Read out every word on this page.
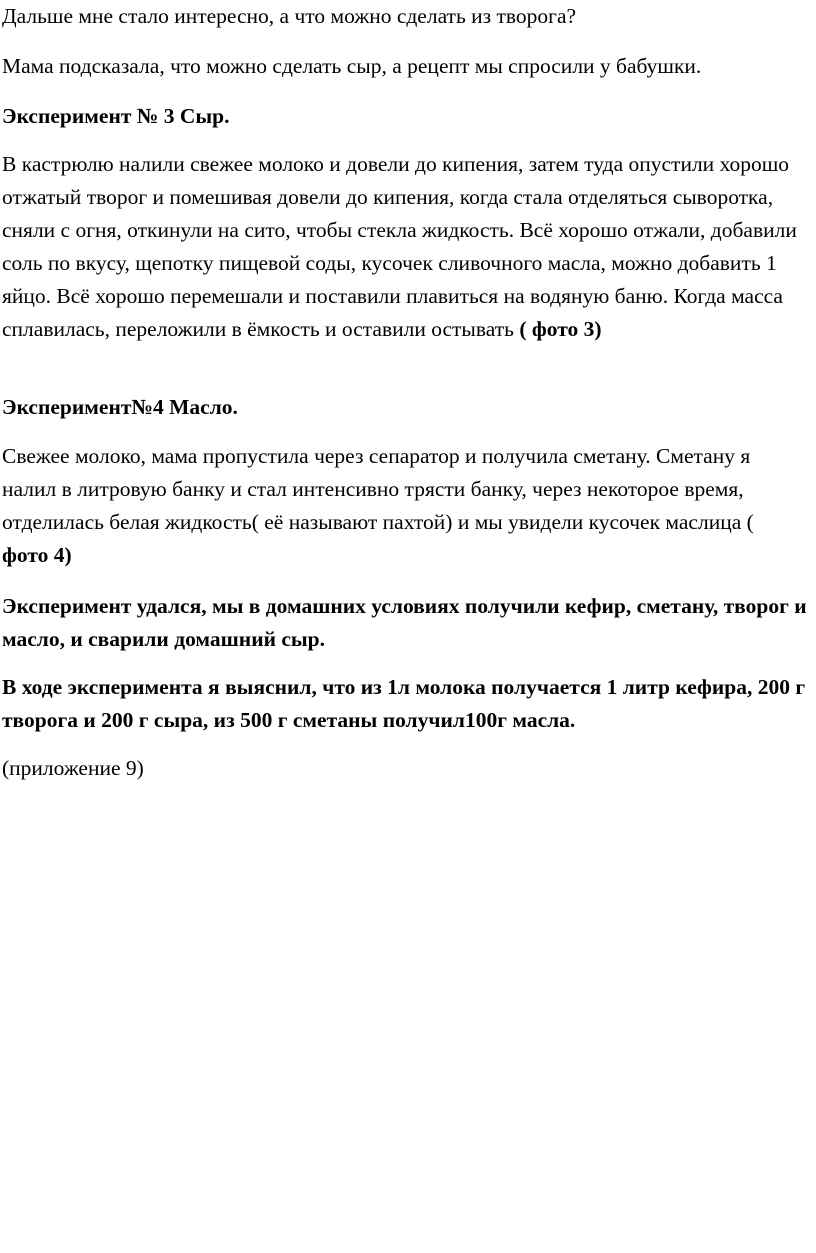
Дальше мне стало интересно, а что можно сделать из творога?

Мама подсказала, что можно сделать сыр, а рецепт мы спросили у бабушки.

Эксперимент № 3 Сыр.

В кастрюлю налили свежее молоко и довели до кипения, затем туда опустили хорошо отжатый творог и помешивая довели до кипения, когда стала отделяться сыворотка, сняли с огня, откинули на сито, чтобы стекла жидкость. Всё хорошо отжали, добавили соль по вкусу, щепотку пищевой соды, кусочек сливочного масла, можно добавить 1 яйцо. Всё хорошо перемешали и поставили плавиться на водяную баню. Когда масса сплавилась, переложили в ёмкость и оставили остывать ( фото 3)

Эксперимент№4 Масло.

Свежее молоко, мама пропустила через сепаратор и получила сметану. Сметану я налил в литровую банку и стал интенсивно трясти банку, через некоторое время, отделилась белая жидкость( её называют пахтой) и мы увидели кусочек маслица ( фото 4)

Эксперимент удался, мы в домашних условиях получили кефир, сметану, творог и масло, и сварили домашний сыр.

В ходе эксперимента я выяснил, что из 1л молока получается 1 литр кефира, 200 г творога и 200 г сыра, из 500 г сметаны получил100г масла.

(приложение 9)
